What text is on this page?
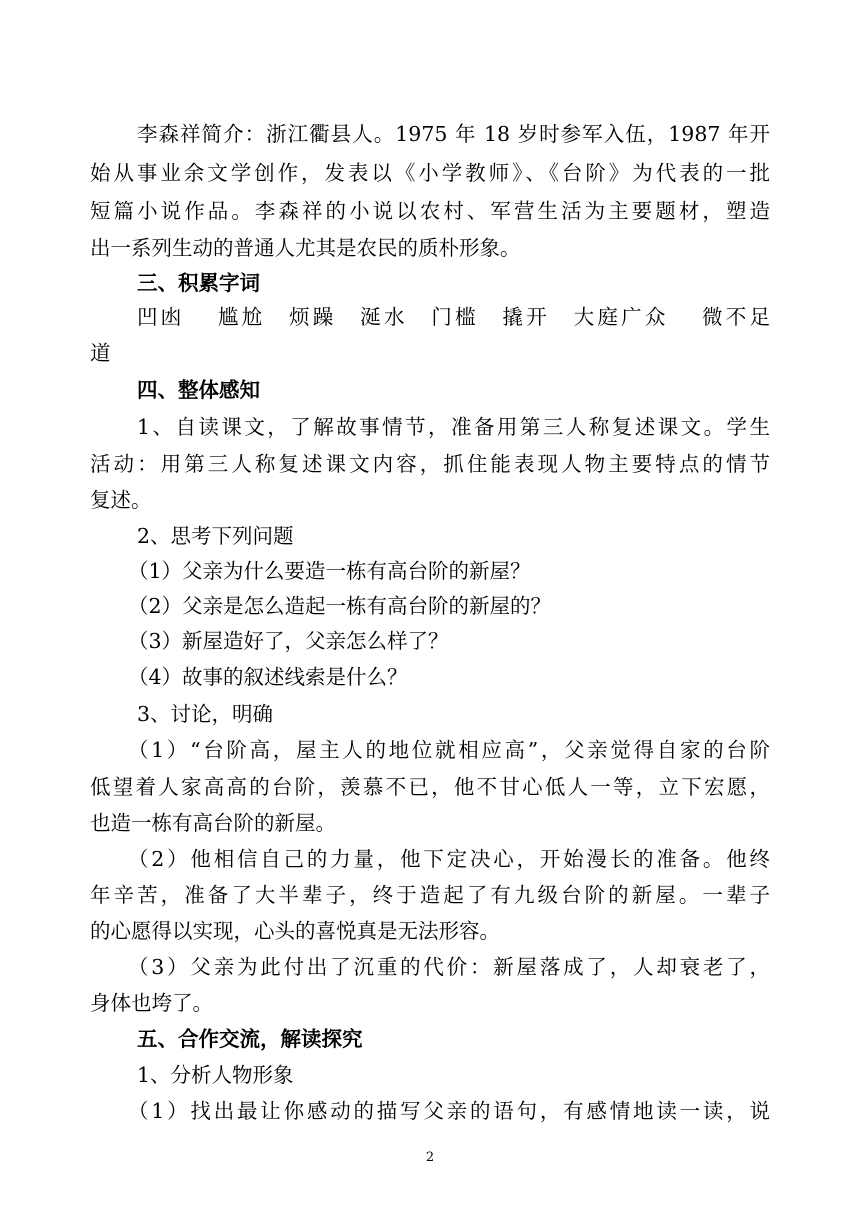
李森祥简介：浙江衢县人。1975 年 18 岁时参军入伍，1987 年开
始从事业余文学创作，发表以《小学教师》、《台阶》为代表的一批
短篇小说作品。李森祥的小说以农村、军营生活为主要题材，塑造
出一系列生动的普通人尤其是农民的质朴形象。
三、积累字词
凹凼　 尴尬　烦躁　涎水　门槛　撬开　大庭广众　 微不足
道
四、整体感知
1、自读课文，了解故事情节，准备用第三人称复述课文。学生
活动：用第三人称复述课文内容，抓住能表现人物主要特点的情节
复述。
2、思考下列问题
（1）父亲为什么要造一栋有高台阶的新屋？
（2）父亲是怎么造起一栋有高台阶的新屋的？
（3）新屋造好了，父亲怎么样了？
（4）故事的叙述线索是什么？
3、讨论，明确
（1）“台阶高，屋主人的地位就相应高”，父亲觉得自家的台阶
低望着人家高高的台阶，羡慕不已，他不甘心低人一等，立下宏愿，
也造一栋有高台阶的新屋。
（2）他相信自己的力量，他下定决心，开始漫长的准备。他终
年辛苦，准备了大半辈子，终于造起了有九级台阶的新屋。一辈子
的心愿得以实现，心头的喜悦真是无法形容。
（3）父亲为此付出了沉重的代价：新屋落成了，人却衰老了，
身体也垮了。
五、合作交流，解读探究
1、分析人物形象
（1）找出最让你感动的描写父亲的语句，有感情地读一读，说
2
